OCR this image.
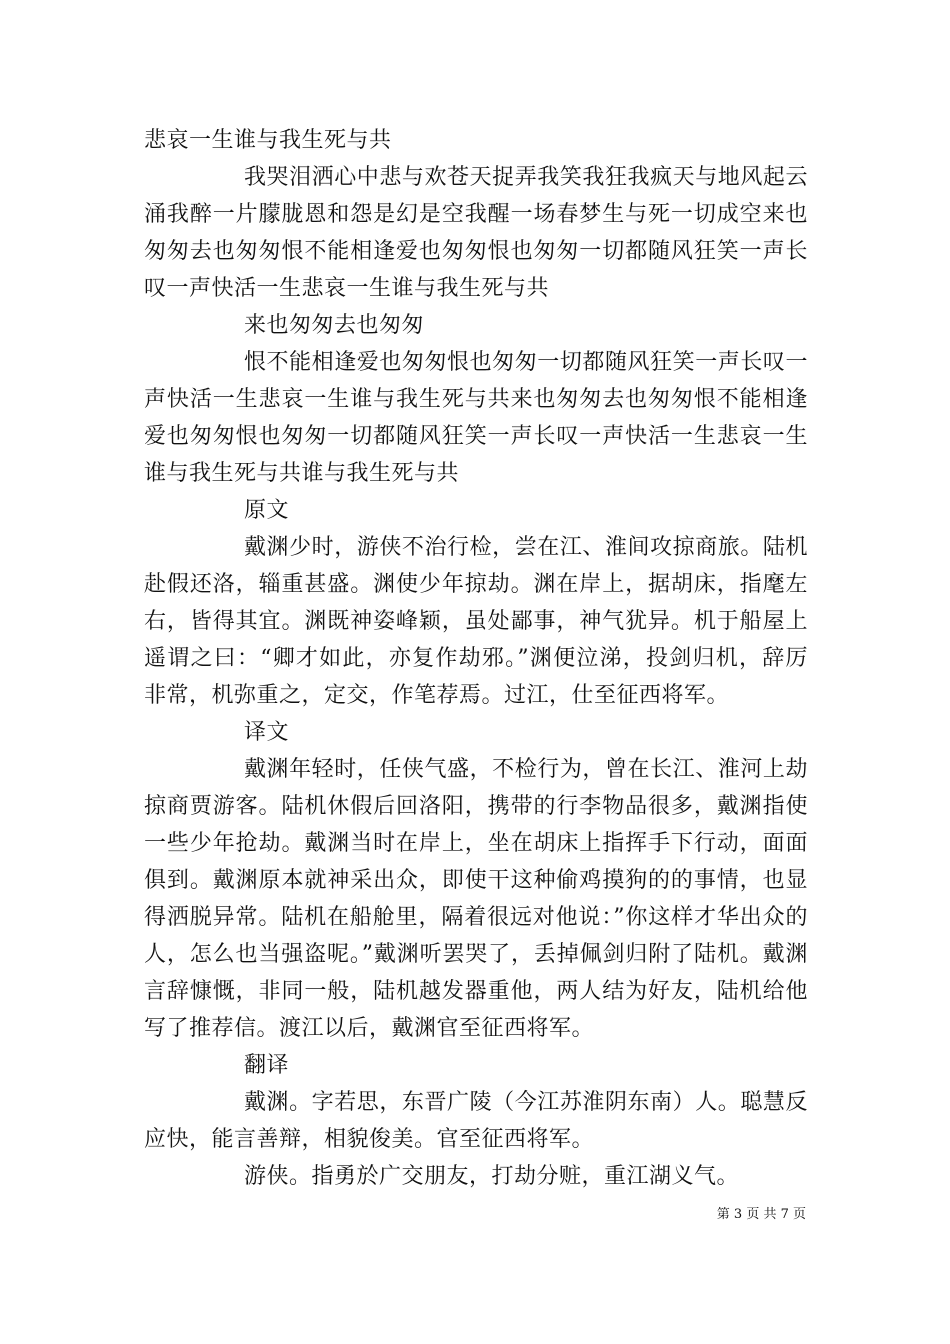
悲哀一生谁与我生死与共

我哭泪洒心中悲与欢苍天捉弄我笑我狂我疯天与地风起云涌我醉一片朦胧恩和怨是幻是空我醒一场春梦生与死一切成空来也匆匆去也匆匆恨不能相逢爱也匆匆恨也匆匆一切都随风狂笑一声长叹一声快活一生悲哀一生谁与我生死与共

来也匆匆去也匆匆

恨不能相逢爱也匆匆恨也匆匆一切都随风狂笑一声长叹一声快活一生悲哀一生谁与我生死与共来也匆匆去也匆匆恨不能相逢爱也匆匆恨也匆匆一切都随风狂笑一声长叹一声快活一生悲哀一生谁与我生死与共谁与我生死与共

原文

戴渊少时，游侠不治行检，尝在江、淮间攻掠商旅。陆机赴假还洛，辎重甚盛。渊使少年掠劫。渊在岸上，据胡床，指麾左右，皆得其宜。渊既神姿峰颖，虽处鄙事，神气犹异。机于船屋上遥谓之曰：“卿才如此，亦复作劫邪。”渊便泣涕，投剑归机，辞厉非常，机弥重之，定交，作笔荐焉。过江，仕至征西将军。

译文

戴渊年轻时，任侠气盛，不检行为，曾在长江、淮河上劫掠商贾游客。陆机休假后回洛阳，携带的行李物品很多，戴渊指使一些少年抢劫。戴渊当时在岸上，坐在胡床上指挥手下行动，面面俱到。戴渊原本就神采出众，即使干这种偷鸡摸狗的的事情，也显得洒脱异常。陆机在船舱里，隔着很远对他说：”你这样才华出众的人，怎么也当强盗呢。”戴渊听罢哭了，丢掉佩剑归附了陆机。戴渊言辞慷慨，非同一般，陆机越发器重他，两人结为好友，陆机给他写了推荐信。渡江以后，戴渊官至征西将军。

翻译

戴渊。字若思，东晋广陵（今江苏淮阴东南）人。聪慧反应快，能言善辩，相貌俊美。官至征西将军。

游侠。指勇於广交朋友，打劫分赃，重江湖义气。

第 3 页 共 7 页
